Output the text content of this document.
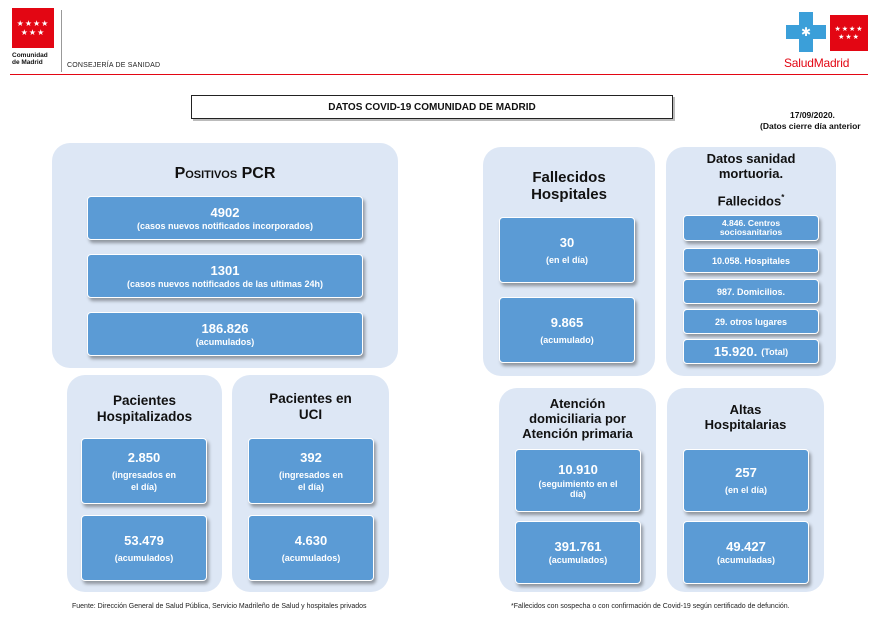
★★★★
★★★
Comunidad
de Madrid	CONSEJERÍA DE SANIDAD
✱	★★★★
★★★
SaludMadrid
DATOS COVID-19 COMUNIDAD DE MADRID
17/09/2020.
(Datos cierre día anterior
Positivos PCR
4902
(casos nuevos notificados incorporados)
1301
(casos nuevos notificados de las ultimas 24h)
186.826
(acumulados)
Pacientes
Hospitalizados
2.850
(ingresados en
el día)
53.479
(acumulados)
Pacientes en
UCI
392
(ingresados en
el día)
4.630
(acumulados)
Fallecidos
Hospitales
30
(en el día)
9.865
(acumulado)
Datos sanidad
mortuoria.
Fallecidos*
4.846. Centros
sociosanitarios
10.058. Hospitales
987. Domicilios.
29. otros lugares
15.920. (Total)
Atención
domiciliaria por
Atención primaria
10.910
(seguimiento en el
día)
391.761
(acumulados)
Altas
Hospitalarias
257
(en el día)
49.427
(acumuladas)
Fuente: Dirección General de Salud Pública, Servicio Madrileño de Salud y hospitales privados	*Fallecidos con sospecha o con confirmación de Covid-19 según certificado de defunción.
